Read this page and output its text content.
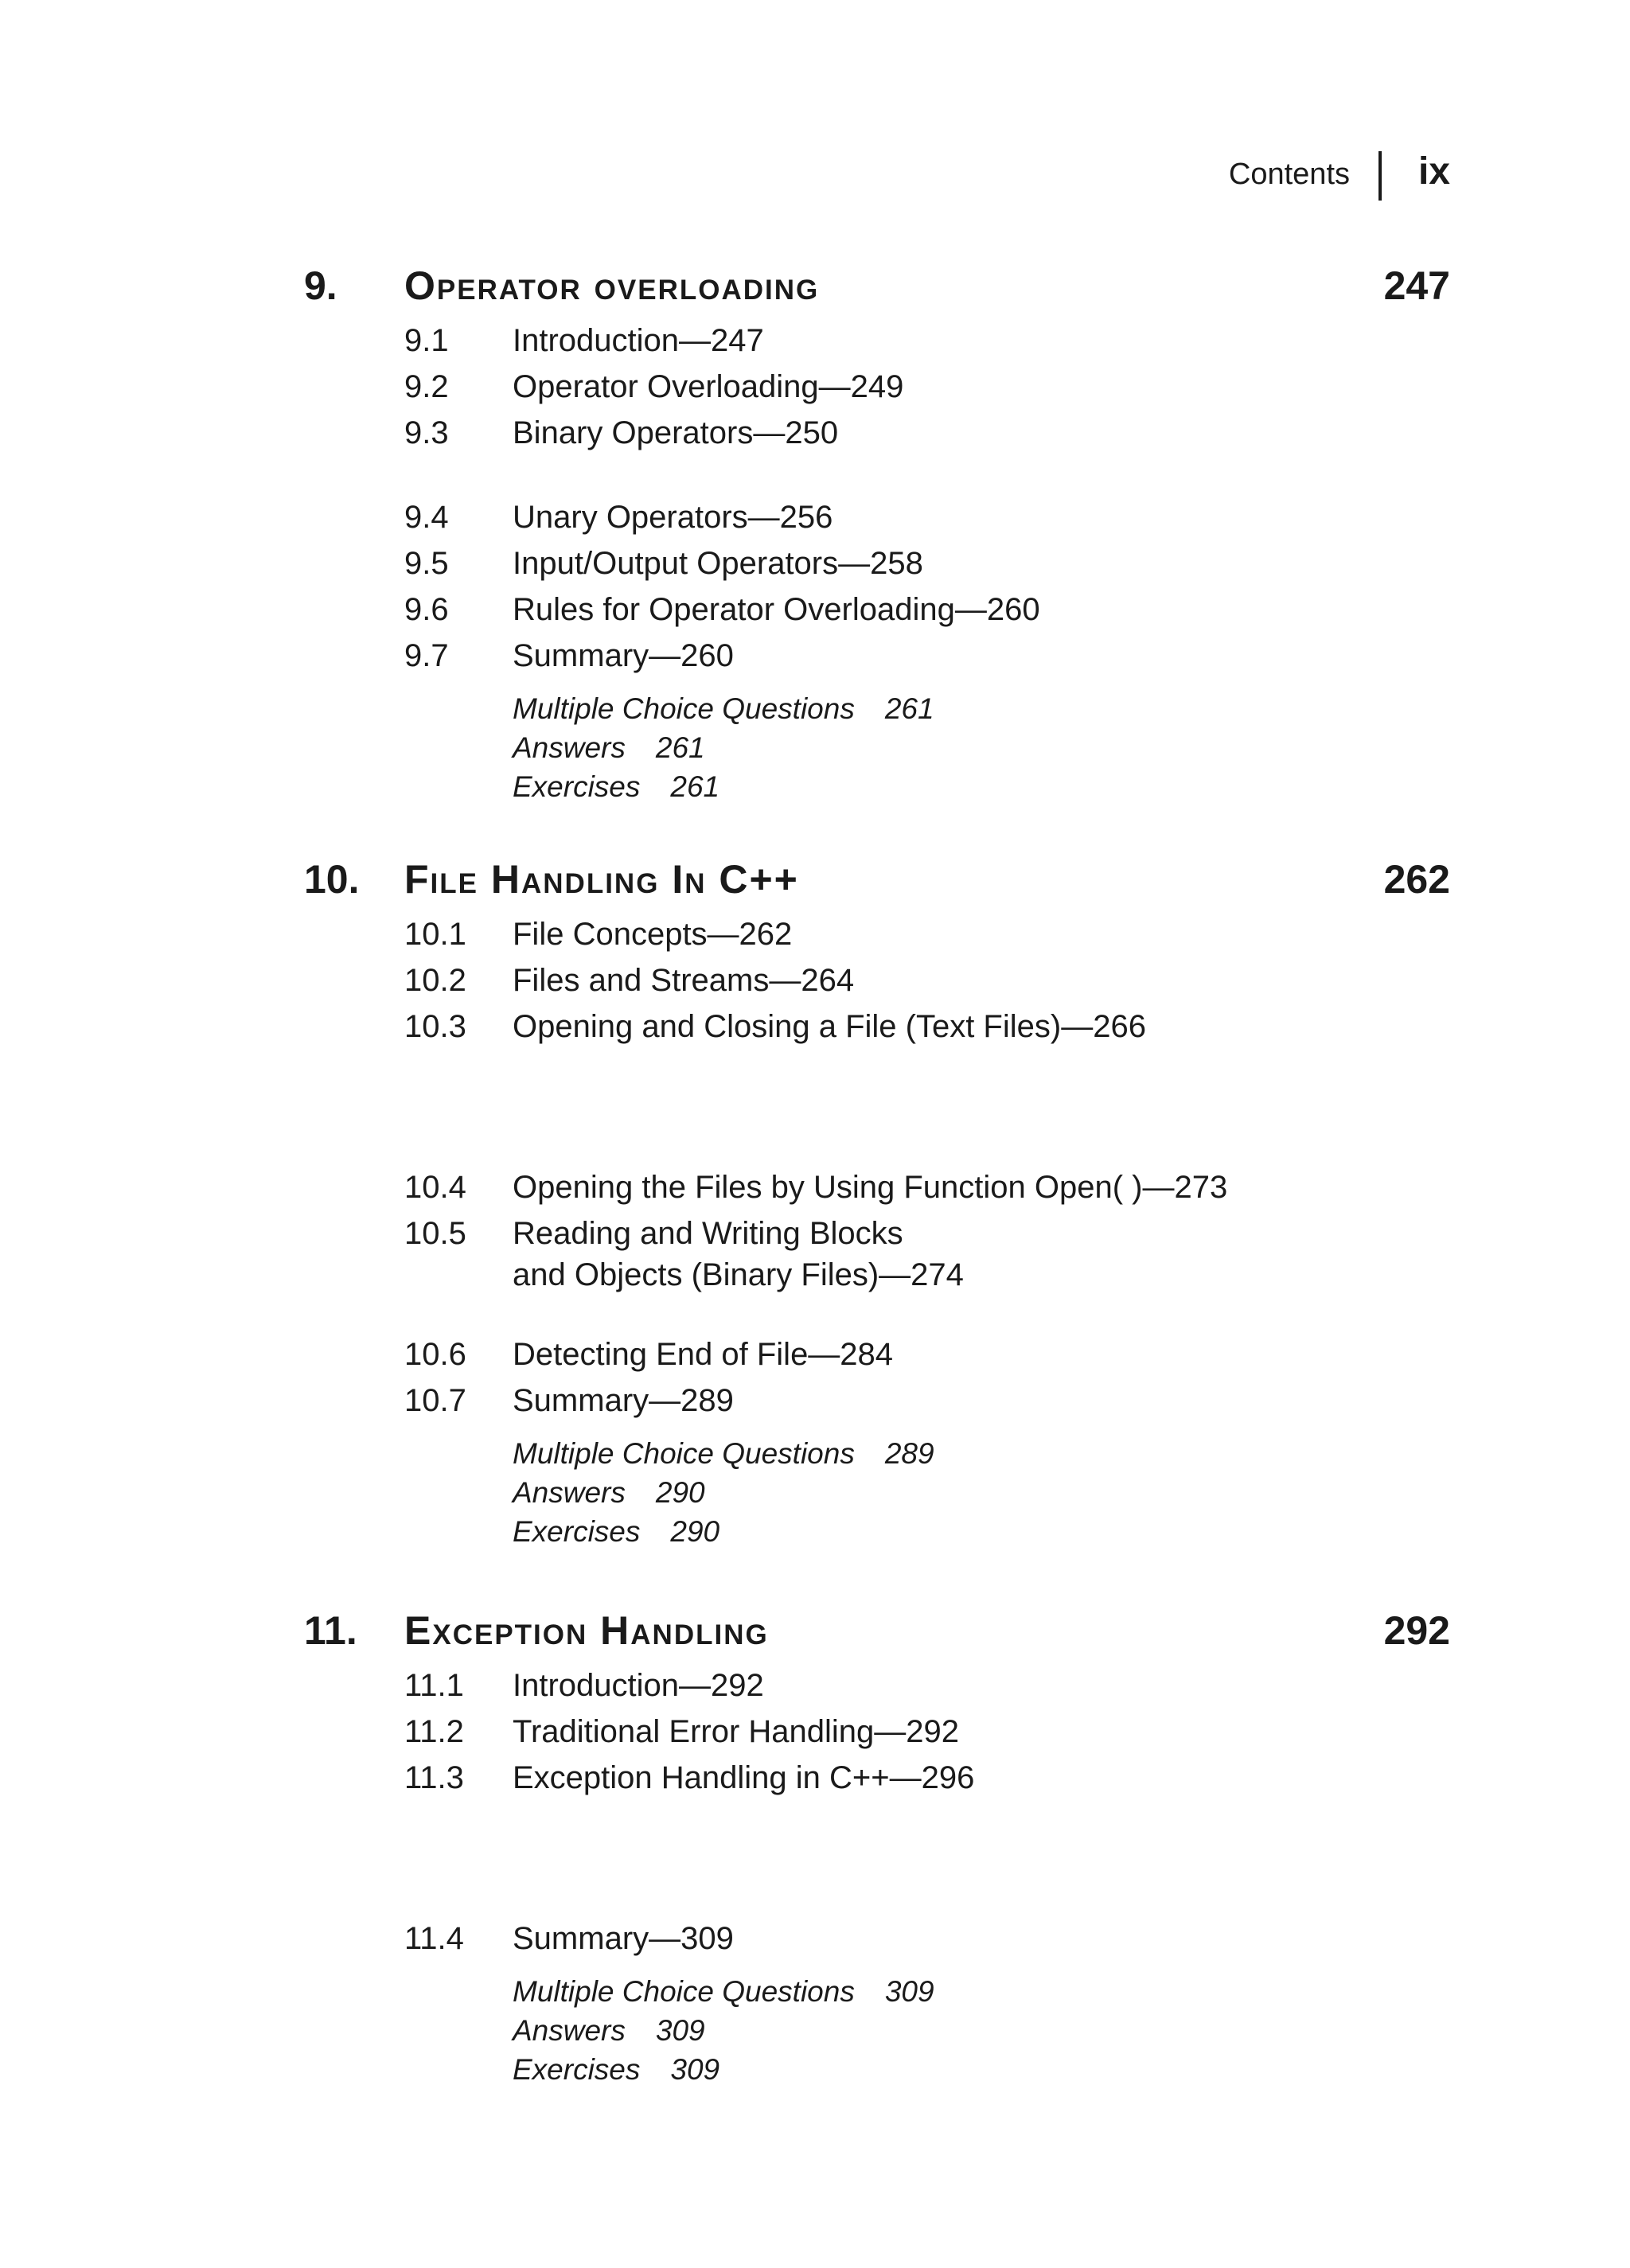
Contents ix
9. Operator overloading	247
9.1 Introduction—247
9.2 Operator Overloading—249
9.3 Binary Operators—250
9.4 Unary Operators—256
9.5 Input/Output Operators—258
9.6 Rules for Operator Overloading—260
9.7 Summary—260
Multiple Choice Questions 261
Answers 261
Exercises 261
10. File Handling In C++	262
10.1 File Concepts—262
10.2 Files and Streams—264
10.3 Opening and Closing a File (Text Files)—266
10.4 Opening the Files by Using Function Open( )—273
10.5 Reading and Writing Blocks
and Objects (Binary Files)—274
10.6 Detecting End of File—284
10.7 Summary—289
Multiple Choice Questions 289
Answers 290
Exercises 290
11. Exception Handling	292
11.1 Introduction—292
11.2 Traditional Error Handling—292
11.3 Exception Handling in C++—296

11.4 Summary—309
Multiple Choice Questions 309
Answers 309
Exercises 309
